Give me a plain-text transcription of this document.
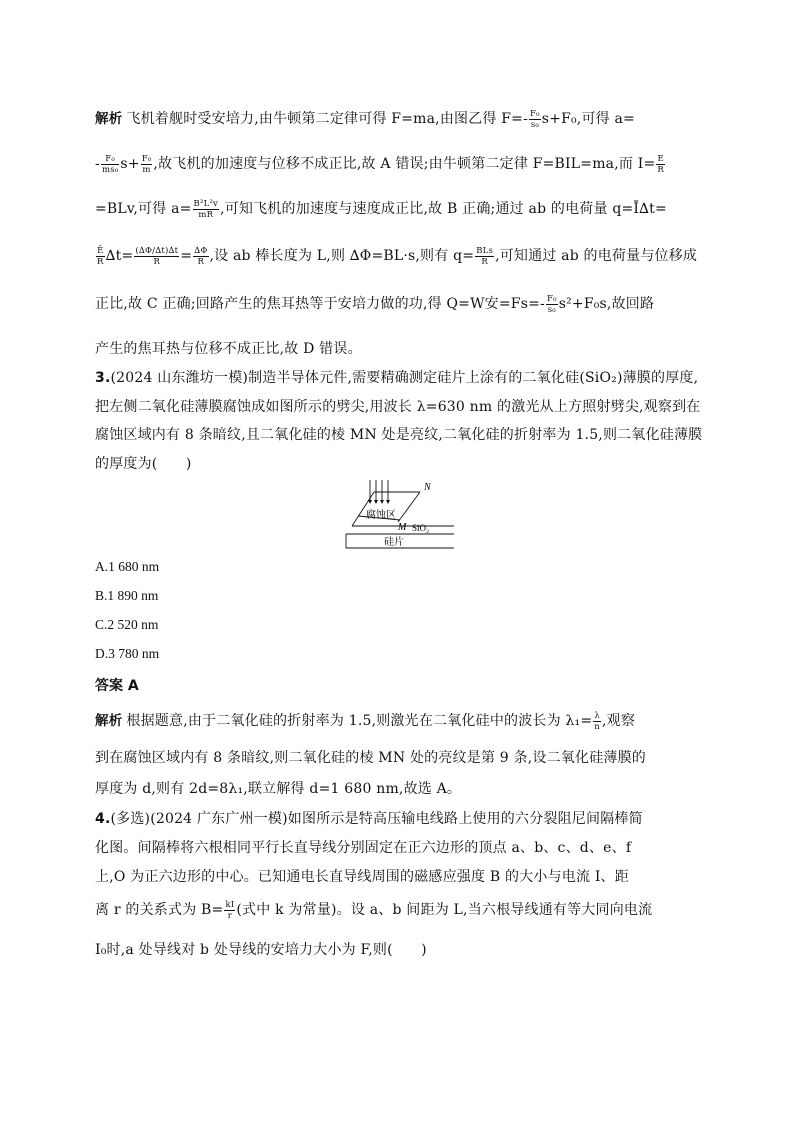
解析 飞机着舰时受安培力,由牛顿第二定律可得 F=ma,由图乙得 $F=- \frac{\text{F₀}}{\text{s₀}} s+F_0$,可得 a=
- $\frac{\text{F₀}}{\text{ms₀}} s+ \frac{\text{F₀}}{m}$ ,故飞机的加速度与位移不成正比,故 A 错误;由牛顿第二定律 F=BIL=ma,而 $I= \frac{E}{R}$
=BLv,可得 $a= \frac{\text{B²L²v}}{mR}$ ,可知飞机的加速度与速度成正比,故 B 正确;通过 ab 的电荷量 q=Ī∆t=
$\frac{Ē}{R} \Delta t= \frac{(\Delta\Phi/\Delta t)\Delta t}{R} = \frac{\Delta\Phi}{R}$ ,设 ab 棒长度为 L,则 ∆Φ=BL·s,则有 $q= \frac{\text{BLs}}{R}$ ,可知通过 ab 的电荷量与位移成
正比,故 C 正确;回路产生的焦耳热等于安培力做的功,得 Q=W安$=Fs=- \frac{\text{F₀}}{\text{s₀}} s^2+F_0s$,故回路
产生的焦耳热与位移不成正比,故 D 错误。
3.(2024 山东潍坊一模)制造半导体元件,需要精确测定硅片上涂有的二氧化硅(SiO₂)薄膜的厚度,把左侧二氧化硅薄膜腐蚀成如图所示的劈尖,用波长 λ=630 nm 的激光从上方照射劈尖,观察到在腐蚀区域内有 8 条暗纹,且二氧化硅的棱 MN 处是亮纹,二氧化硅的折射率为 1.5,则二氧化硅薄膜的厚度为(　　)
N
M SiO₂
腐蚀区
硅片
A.1 680 nm
B.1 890 nm
C.2 520 nm
D.3 780 nm
答案 A
解析 根据题意,由于二氧化硅的折射率为 1.5,则激光在二氧化硅中的波长为 $\lambda_1= \frac{\lambda}{n}$ ,观察
到在腐蚀区域内有 8 条暗纹,则二氧化硅的棱 MN 处的亮纹是第 9 条,设二氧化硅薄膜的
厚度为 d,则有 2d=8λ₁,联立解得 d=1 680 nm,故选 A。
4.(多选)(2024 广东广州一模)如图所示是特高压输电线路上使用的六分裂阻尼间隔棒简
化图。间隔棒将六根相同平行长直导线分别固定在正六边形的顶点 a、b、c、d、e、f
上,O 为正六边形的中心。已知通电长直导线周围的磁感应强度 B 的大小与电流 I、距
离 r 的关系式为 $B= \frac{kI}{r}$ (式中 k 为常量)。设 a、b 间距为 L,当六根导线通有等大同向电流
I₀时,a 处导线对 b 处导线的安培力大小为 F,则(　　)
